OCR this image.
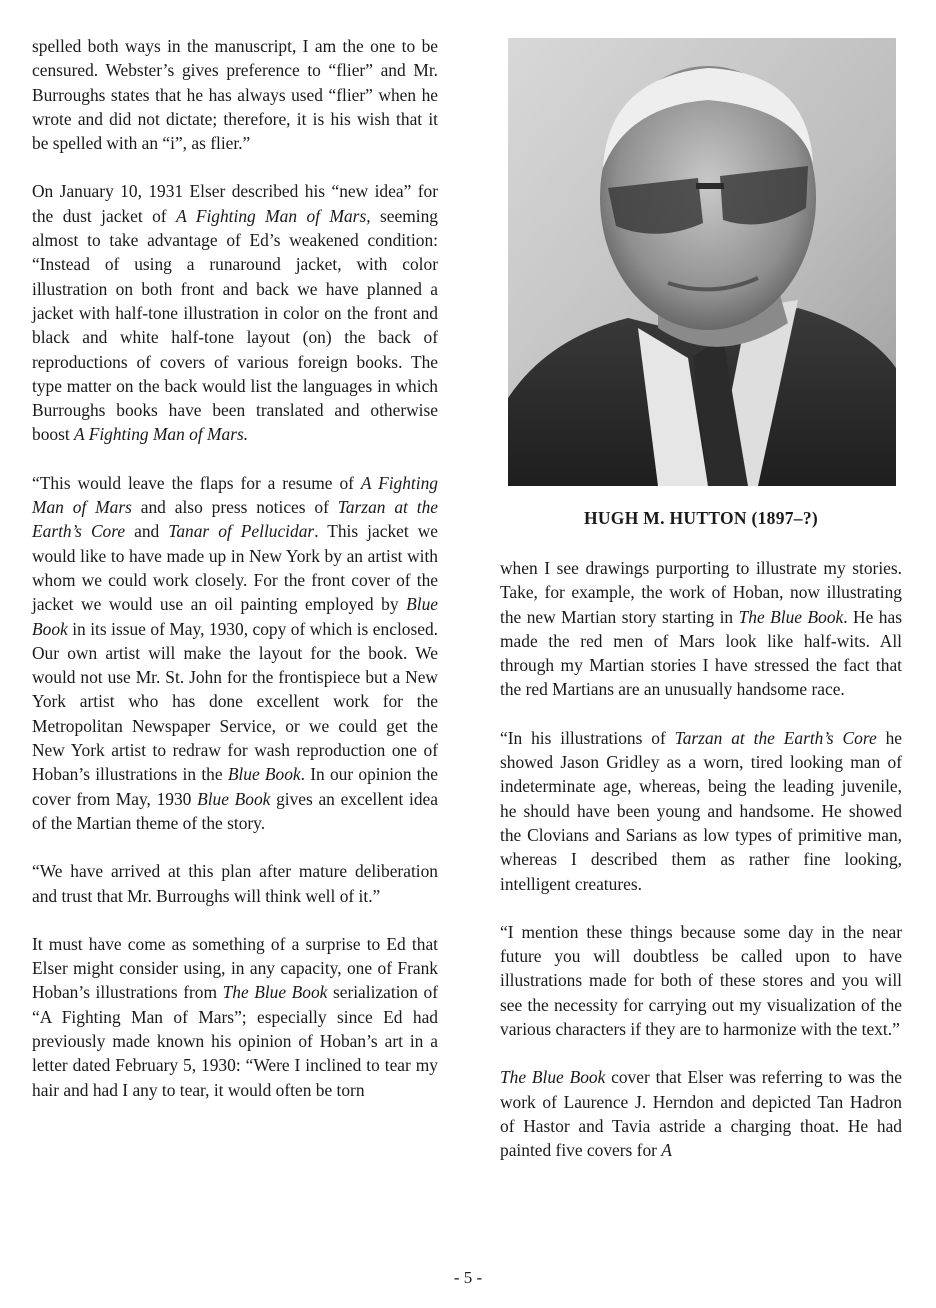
spelled both ways in the manuscript, I am the one to be censured. Webster’s gives preference to “flier” and Mr. Burroughs states that he has always used “flier” when he wrote and did not dictate; therefore, it is his wish that it be spelled with an “i”, as flier.”

On January 10, 1931 Elser described his “new idea” for the dust jacket of A Fighting Man of Mars, seeming almost to take advantage of Ed’s weakened condition: “Instead of using a runaround jacket, with color illustration on both front and back we have planned a jacket with half-tone illustration in color on the front and black and white half-tone layout (on) the back of reproductions of covers of various foreign books. The type matter on the back would list the languages in which Burroughs books have been translated and otherwise boost A Fighting Man of Mars.

“This would leave the flaps for a resume of A Fighting Man of Mars and also press notices of Tarzan at the Earth’s Core and Tanar of Pellucidar. This jacket we would like to have made up in New York by an artist with whom we could work closely. For the front cover of the jacket we would use an oil painting employed by Blue Book in its issue of May, 1930, copy of which is enclosed. Our own artist will make the layout for the book. We would not use Mr. St. John for the frontispiece but a New York artist who has done excellent work for the Metropolitan Newspaper Service, or we could get the New York artist to redraw for wash reproduction one of Hoban’s illustrations in the Blue Book. In our opinion the cover from May, 1930 Blue Book gives an excellent idea of the Martian theme of the story.

“We have arrived at this plan after mature deliberation and trust that Mr. Burroughs will think well of it.”

It must have come as something of a surprise to Ed that Elser might consider using, in any capacity, one of Frank Hoban’s illustrations from The Blue Book serialization of “A Fighting Man of Mars”; especially since Ed had previously made known his opinion of Hoban’s art in a letter dated February 5, 1930: “Were I inclined to tear my hair and had I any to tear, it would often be torn

HUGH M. HUTTON (1897–?)

when I see drawings purporting to illustrate my stories. Take, for example, the work of Hoban, now illustrating the new Martian story starting in The Blue Book. He has made the red men of Mars look like half-wits. All through my Martian stories I have stressed the fact that the red Martians are an unusually handsome race.

“In his illustrations of Tarzan at the Earth’s Core he showed Jason Gridley as a worn, tired looking man of indeterminate age, whereas, being the leading juvenile, he should have been young and handsome. He showed the Clovians and Sarians as low types of primitive man, whereas I described them as rather fine looking, intelligent creatures.

“I mention these things because some day in the near future you will doubtless be called upon to have illustrations made for both of these stores and you will see the necessity for carrying out my visualization of the various characters if they are to harmonize with the text.”

The Blue Book cover that Elser was referring to was the work of Laurence J. Herndon and depicted Tan Hadron of Hastor and Tavia astride a charging thoat. He had painted five covers for A

- 5 -
